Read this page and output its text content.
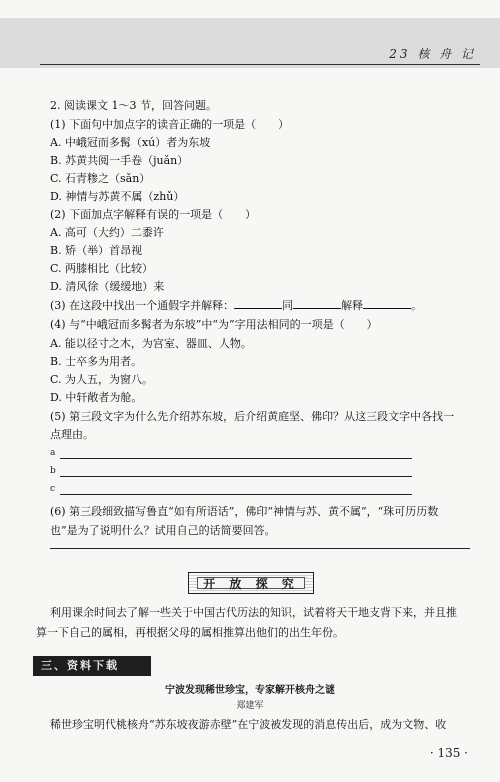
23 核 舟 记
2. 阅读课文 1～3 节，回答问题。
(1) 下面句中加点字的读音正确的一项是（　　）
A. 中峨冠而多髯（xú）者为东坡
B. 苏黄共阅一手卷（juǎn）
C. 石青糁之（sǎn）
D. 神情与苏黄不属（zhǔ）
(2) 下面加点字解释有误的一项是（　　）
A. 高可（大约）二黍许
B. 矫（举）首昂视
C. 两膝相比（比较）
D. 清风徐（缓缓地）来
(3) 在这段中找出一个通假字并解释：	同	解释	。
(4) 与“中峨冠而多髯者为东坡”中“为”字用法相同的一项是（　　）
A. 能以径寸之木，为宫室、器皿、人物。
B. 士卒多为用者。
C. 为人五，为窗八。
D. 中轩敞者为舱。
(5) 第三段文字为什么先介绍苏东坡，后介绍黄庭坚、佛印？从这三段文字中各找一
点理由。
a
b
c
(6) 第三段细致描写鲁直“如有所语话”，佛印“神情与苏、黄不属”，“珠可历历数
也”是为了说明什么？试用自己的话简要回答。
开 放 探 究
利用课余时间去了解一些关于中国古代历法的知识，试着将天干地支背下来，并且推
算一下自己的属相，再根据父母的属相推算出他们的出生年份。
三、资料下载
宁波发现稀世珍宝，专家解开核舟之谜
郑建军
稀世珍宝明代桃核舟“苏东坡夜游赤壁”在宁波被发现的消息传出后，成为文物、收
· 135 ·
